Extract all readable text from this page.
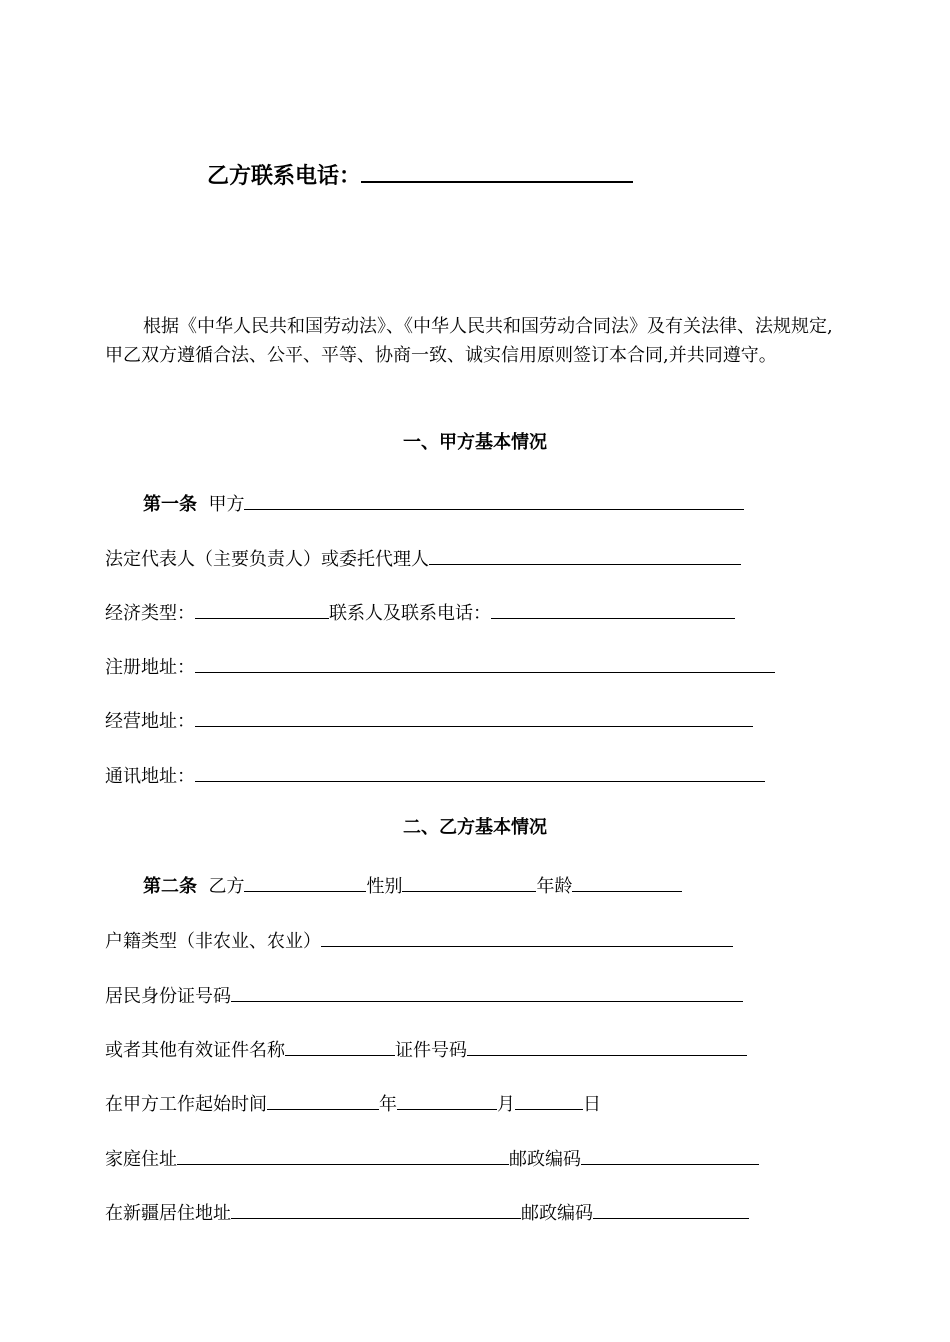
乙方联系电话：

根据《中华人民共和国劳动法》、《中华人民共和国劳动合同法》及有关法律、法规规定,甲乙双方遵循合法、公平、平等、协商一致、诚实信用原则签订本合同,并共同遵守。

一、甲方基本情况
第一条 甲方
法定代表人（主要负责人）或委托代理人
经济类型：	联系人及联系电话：
注册地址：
经营地址：
通讯地址：
二、乙方基本情况
第二条 乙方	性别	年龄
户籍类型（非农业、农业）
居民身份证号码
或者其他有效证件名称	证件号码
在甲方工作起始时间	年	月	日
家庭住址	邮政编码
在新疆居住地址	邮政编码
